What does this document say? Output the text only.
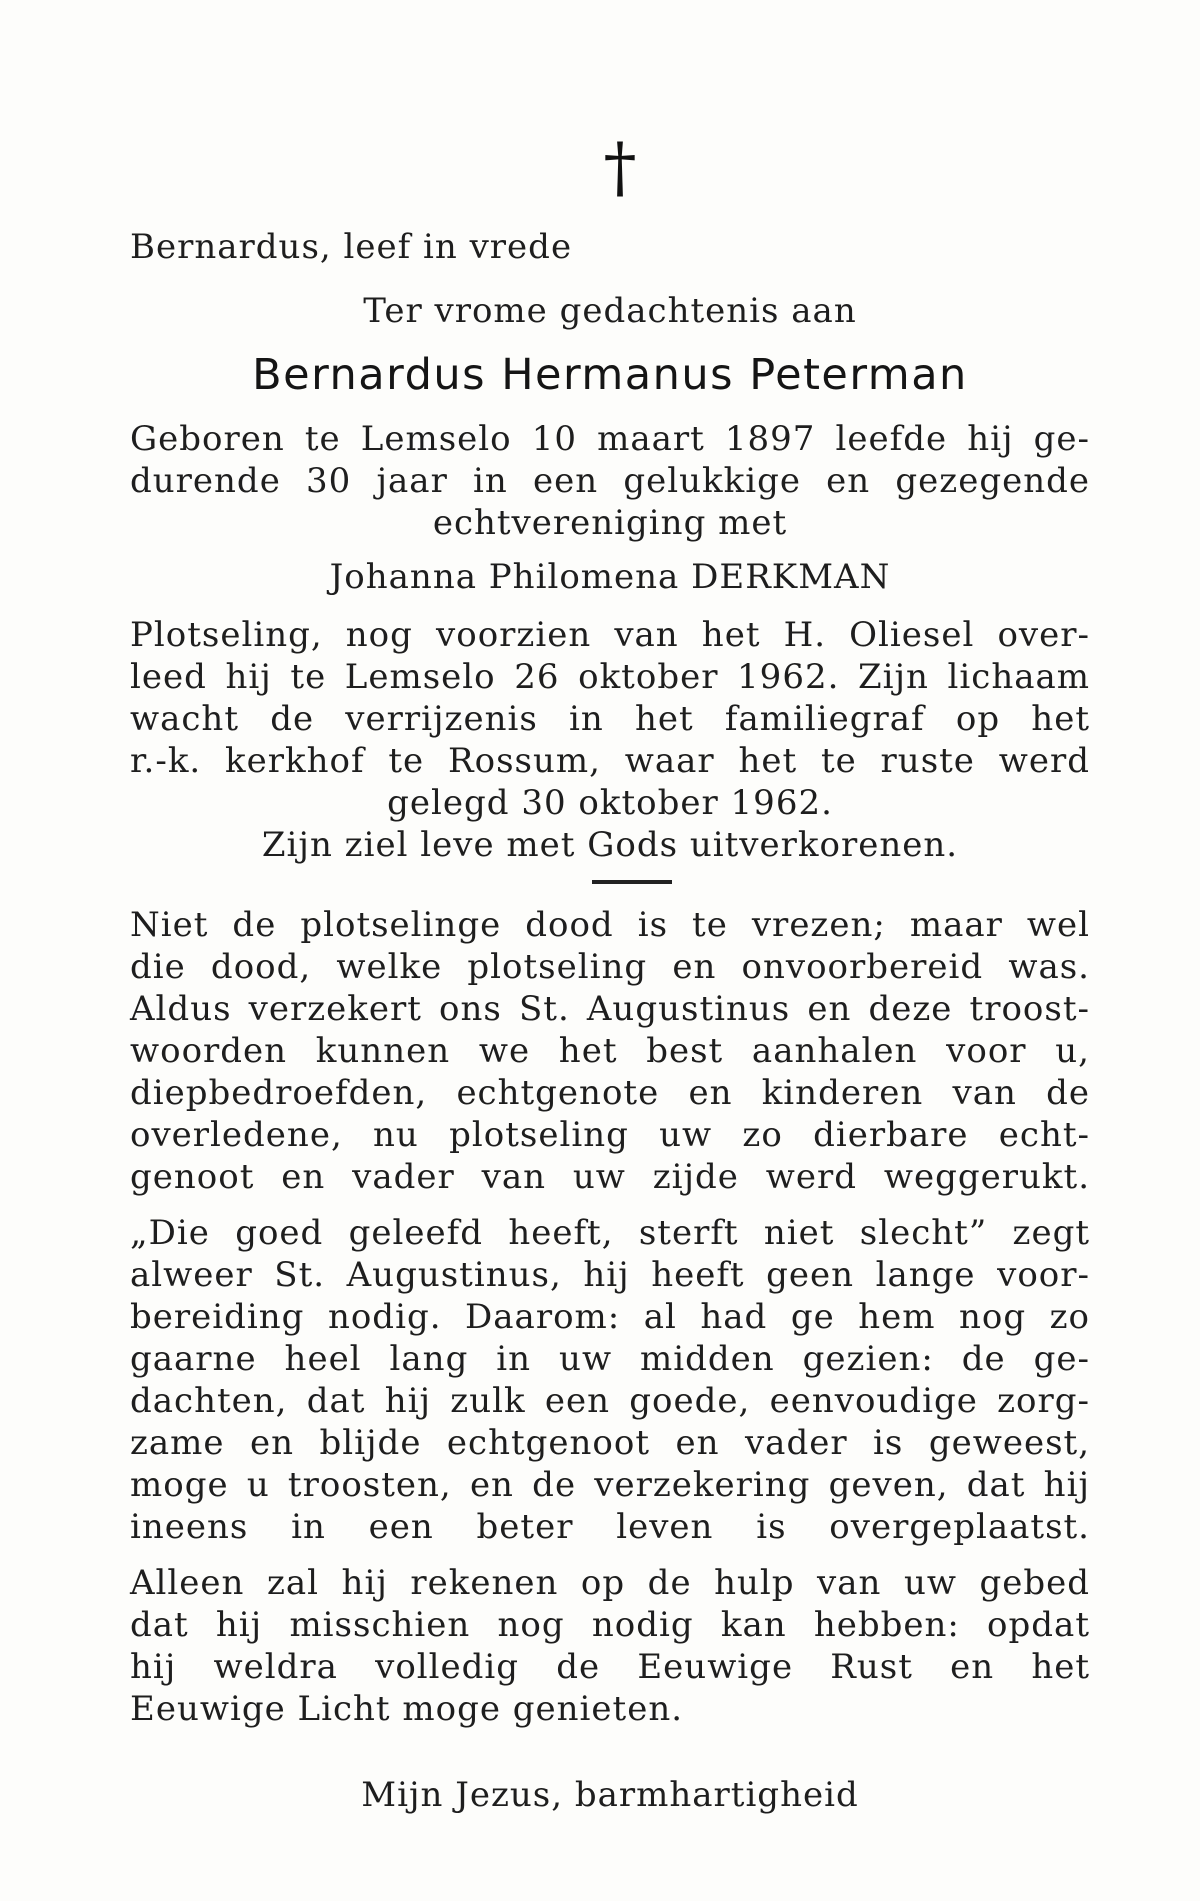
†
Bernardus, leef in vrede
Ter vrome gedachtenis aan
Bernardus Hermanus Peterman
Geboren te Lemselo 10 maart 1897 leefde hij ge-
durende 30 jaar in een gelukkige en gezegende
echtvereniging met
Johanna Philomena DERKMAN
Plotseling, nog voorzien van het H. Oliesel over-
leed hij te Lemselo 26 oktober 1962. Zijn lichaam
wacht de verrijzenis in het familiegraf op het
r.-k. kerkhof te Rossum, waar het te ruste werd
gelegd 30 oktober 1962.
Zijn ziel leve met Gods uitverkorenen.
Niet de plotselinge dood is te vrezen; maar wel
die dood, welke plotseling en onvoorbereid was.
Aldus verzekert ons St. Augustinus en deze troost-
woorden kunnen we het best aanhalen voor u,
diepbedroefden, echtgenote en kinderen van de
overledene, nu plotseling uw zo dierbare echt-
genoot en vader van uw zijde werd weggerukt.
„Die goed geleefd heeft, sterft niet slecht” zegt
alweer St. Augustinus, hij heeft geen lange voor-
bereiding nodig. Daarom: al had ge hem nog zo
gaarne heel lang in uw midden gezien: de ge-
dachten, dat hij zulk een goede, eenvoudige zorg-
zame en blijde echtgenoot en vader is geweest,
moge u troosten, en de verzekering geven, dat hij
ineens in een beter leven is overgeplaatst.
Alleen zal hij rekenen op de hulp van uw gebed
dat hij misschien nog nodig kan hebben: opdat
hij weldra volledig de Eeuwige Rust en het
Eeuwige Licht moge genieten.
Mijn Jezus, barmhartigheid
